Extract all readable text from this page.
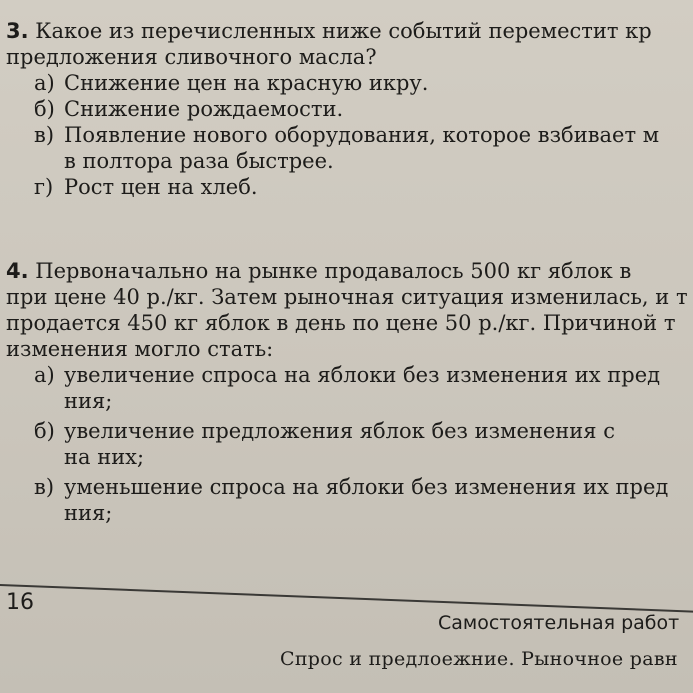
3. Какое из перечисленных ниже событий переместит кр
предложения сливочного масла?
а) Снижение цен на красную икру.
б) Снижение рождаемости.
в) Появление нового оборудования, которое взбивает м
в полтора раза быстрее.
г) Рост цен на хлеб.
4. Первоначально на рынке продавалось 500 кг яблок в
при цене 40 р./кг. Затем рыночная ситуация изменилась, и т
продается 450 кг яблок в день по цене 50 р./кг. Причиной т
изменения могло стать:
а) увеличение спроса на яблоки без изменения их пред
ния;
б) увеличение предложения яблок без изменения с
на них;
в) уменьшение спроса на яблоки без изменения их пред
ния;
16
Самостоятельная работ
Спрос и предлоежние. Рыночное равн
